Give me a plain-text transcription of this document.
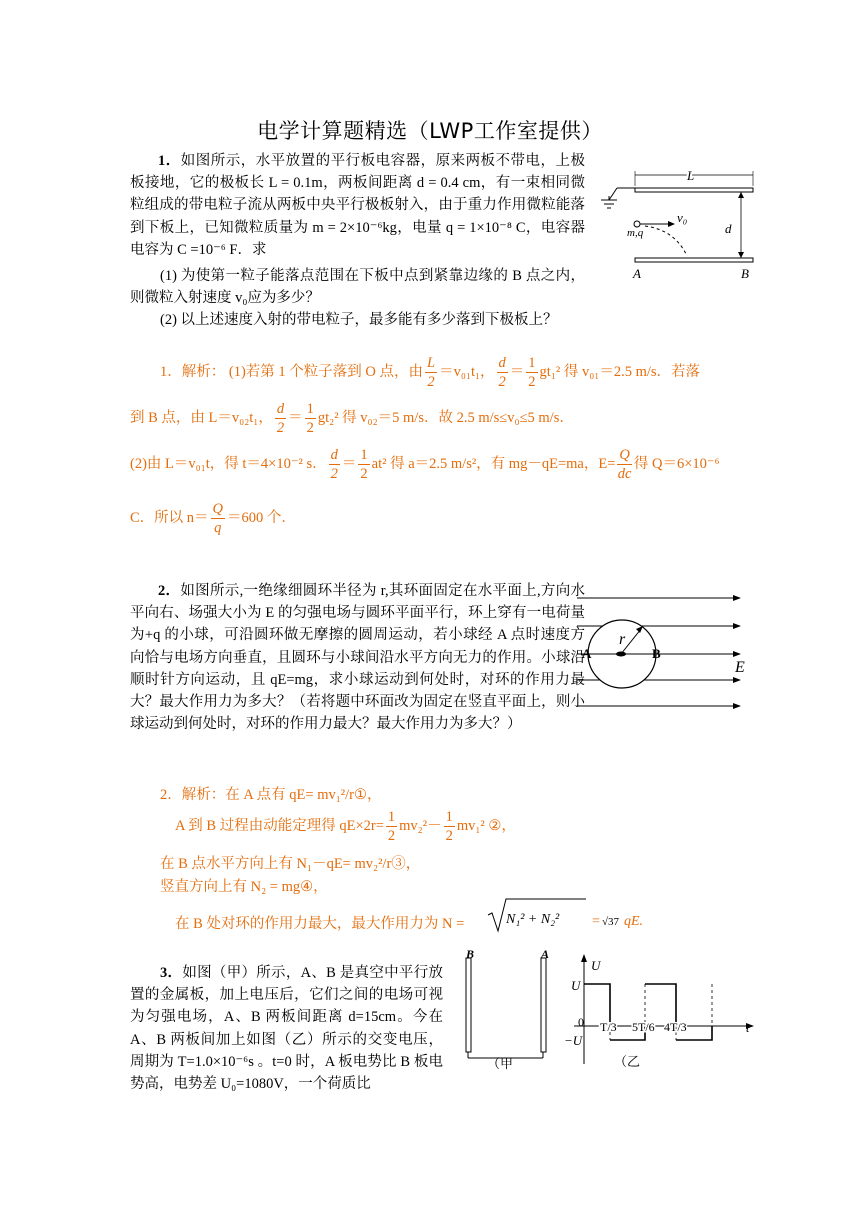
电学计算题精选（LWP工作室提供）
1．如图所示，水平放置的平行板电容器，原来两板不带电，上极板接地，它的极板长 L = 0.1m，两板间距离 d = 0.4 cm，有一束相同微粒组成的带电粒子流从两板中央平行极板射入，由于重力作用微粒能落到下板上，已知微粒质量为 m = 2×10⁻⁶kg，电量 q = 1×10⁻⁸ C，电容器电容为 C =10⁻⁶ F．求
(1) 为使第一粒子能落点范围在下板中点到紧靠边缘的 B 点之内，则微粒入射速度 v₀应为多少？
(2) 以上述速度入射的带电粒子，最多能有多少落到下极板上？
L
d
v₀
m,q
A	B
1．解析： (1)若第 1 个粒子落到 O 点，由 $\frac{L}{2} =v_{01}t_1$， $\frac{d}{2} = \frac{1}{2} gt_1^2$ 得 v₀₁＝2.5 m/s．若落
到 B 点，由 L＝v₀₂t₁， $\frac{d}{2} = \frac{1}{2} gt_2^2$ 得 v₀₂＝5 m/s．故 2.5 m/s≤v₀≤5 m/s．
(2)由 L＝v₀₁t，得 t＝4×10⁻² s． $\frac{d}{2} = \frac{1}{2} at^2$ 得 a＝2.5 m/s²，有 mg－qE=ma，$E= \frac{Q}{dc}$ 得 Q＝6×10⁻⁶
C．所以 $n= \frac{Q}{q} =600$ 个．
2．如图所示,一绝缘细圆环半径为 r,其环面固定在水平面上,方向水平向右、场强大小为 E 的匀强电场与圆环平面平行，环上穿有一电荷量为+q 的小球，可沿圆环做无摩擦的圆周运动，若小球经 A 点时速度方向恰与电场方向垂直，且圆环与小球间沿水平方向无力的作用。小球沿顺时针方向运动，且 qE=mg，求小球运动到何处时，对环的作用力最大？最大作用力为多大？（若将题中环面改为固定在竖直平面上，则小球运动到何处时，对环的作用力最大？最大作用力为多大？）
r
A	B
E
2．解析：在 A 点有 qE= mv₁²/r①，
A 到 B 过程由动能定理得 $qE\times 2r= \frac{1}{2} mv_2^2- \frac{1}{2} mv_1^2$ ②，
在 B 点水平方向上有 N₁－qE= mv₂²/r③，
竖直方向上有 N₂ = mg④，
在 B 处对环的作用力最大，最大作用力为 N =	N₁² + N₂² = √37 qE.
3．如图（甲）所示，A、B 是真空中平行放置的金属板，加上电压后，它们之间的电场可视为匀强电场，A、B 两板间距离 d=15cm。今在 A、B 两板间加上如图（乙）所示的交变电压，周期为 T=1.0×10⁻⁶s 。t=0 时，A 板电势比 B 板电势高，电势差 U₀=1080V，一个荷质比
B	A
（甲
U
U
−U
0 T/3 5T/6 4T/3	t
（乙
